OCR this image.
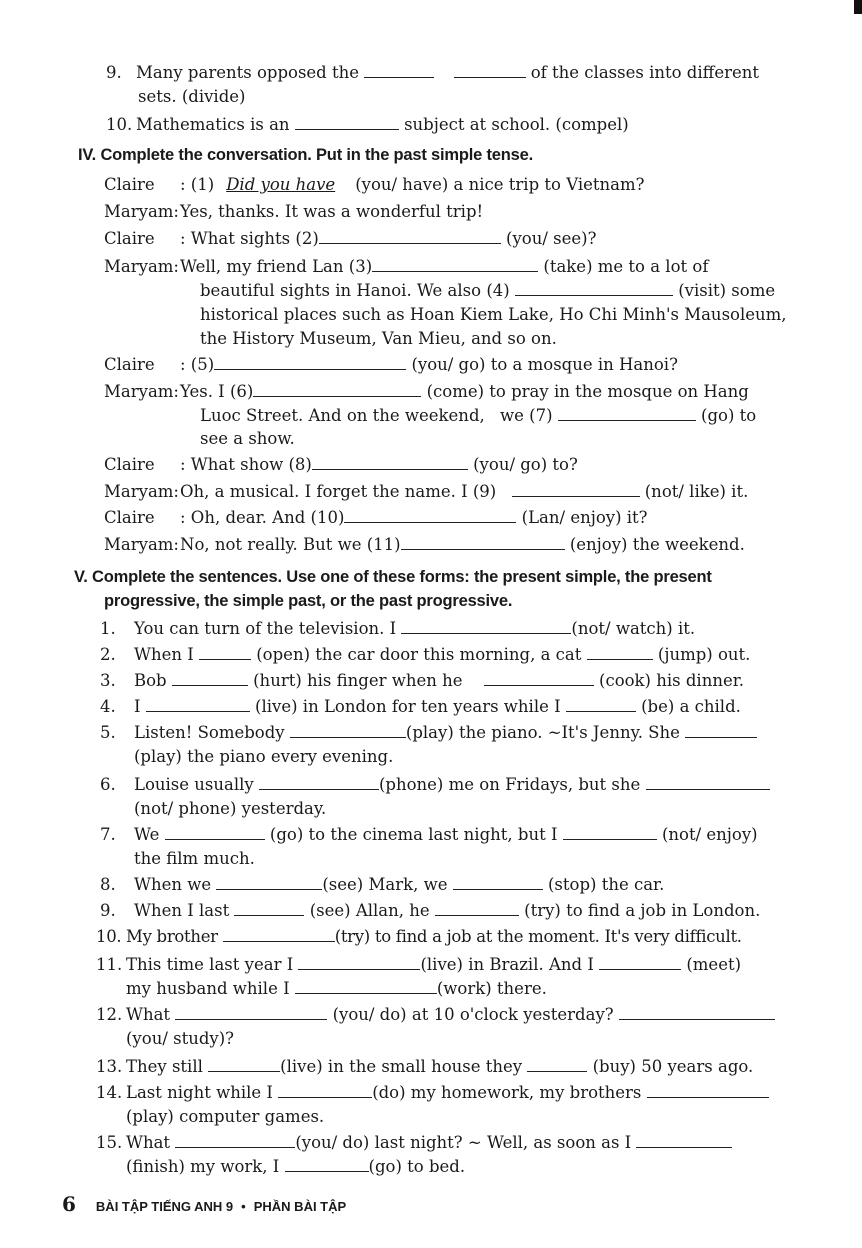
9. Many parents opposed the	of the classes into different
sets. (divide)
10. Mathematics is an	subject at school. (compel)
IV. Complete the conversation. Put in the past simple tense.
Claire : (1) Did you have (you/ have) a nice trip to Vietnam?
Maryam:Yes, thanks. It was a wonderful trip!
Claire : What sights (2)	(you/ see)?
Maryam:Well, my friend Lan (3)	(take) me to a lot of
beautiful sights in Hanoi. We also (4)	(visit) some
historical places such as Hoan Kiem Lake, Ho Chi Minh's Mausoleum,
the History Museum, Van Mieu, and so on.
Claire : (5)	(you/ go) to a mosque in Hanoi?
Maryam:Yes. I (6)	(come) to pray in the mosque on Hang
Luoc Street. And on the weekend, we (7)	(go) to
see a show.
Claire : What show (8)	(you/ go) to?
Maryam:Oh, a musical. I forget the name. I (9)	(not/ like) it.
Claire : Oh, dear. And (10)	(Lan/ enjoy) it?
Maryam:No, not really. But we (11)	(enjoy) the weekend.
V. Complete the sentences. Use one of these forms: the present simple, the present
progressive, the simple past, or the past progressive.
1. You can turn of the television. I	(not/ watch) it.
2. When I	(open) the car door this morning, a cat	(jump) out.
3. Bob	(hurt) his finger when he	(cook) his dinner.
4. I	(live) in London for ten years while I	(be) a child.
5. Listen! Somebody	(play) the piano. ~It's Jenny. She
(play) the piano every evening.
6. Louise usually	(phone) me on Fridays, but she
(not/ phone) yesterday.
7. We	(go) to the cinema last night, but I	(not/ enjoy)
the film much.
8. When we	(see) Mark, we	(stop) the car.
9. When I last	(see) Allan, he	(try) to find a job in London.
10. My brother	(try) to find a job at the moment. It's very difficult.
11. This time last year I	(live) in Brazil. And I	(meet)
my husband while I	(work) there.
12. What	(you/ do) at 10 o'clock yesterday?
(you/ study)?
13. They still	(live) in the small house they	(buy) 50 years ago.
14. Last night while I	(do) my homework, my brothers
(play) computer games.
15. What	(you/ do) last night? ~ Well, as soon as I
(finish) my work, I	(go) to bed.
6 BÀI TẬP TIẾNG ANH 9 • PHẦN BÀI TẬP
